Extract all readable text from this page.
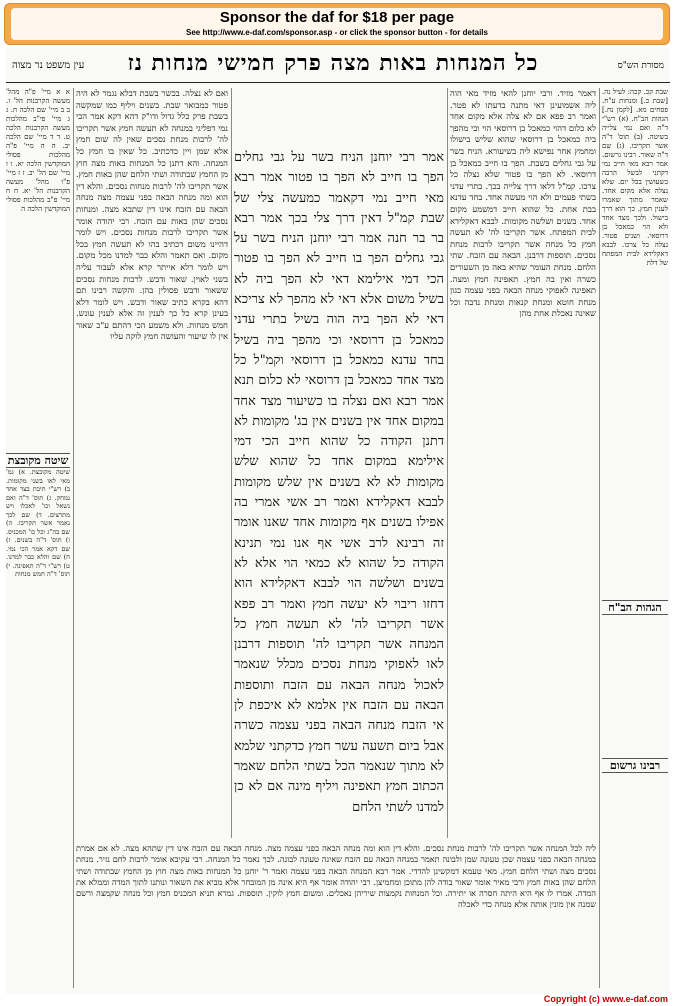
Sponsor the daf for $18 per page
See http://www.e-daf.com/sponsor.asp - or click the sponsor button - for details
עין משפט נר מצוה	כל המנחות באות מצה פרק חמישי מנחות נז	מסורת הש"ס
אמר רבי יוחנן הניח בשר על גבי גחלים הפך בו חייב לא הפך בו פטור אמר רבא מאי חייב נמי דקאמר כמעשה צלי של שבת קמ"ל דאין דרך צלי בכך אמר רבא בר בר חנה אמר רבי יוחנן הניח בשר על גבי גחלים הפך בו חייב לא הפך בו פטור הכי דמי אילימא דאי לא הפך ביה לא בשיל משום אלא דאי לא מהפך לא צריכא דאי לא הפך ביה הוה בשיל בתרי עדני כמאכל בן דרוסאי וכי מהפך ביה בשיל בחד עדנא כמאכל בן דרוסאי וקמ"ל כל מצד אחד כמאכל בן דרוסאי לא כלום תנא אמר רבא ואם נצלה בו כשיעור מצד אחד במקום אחד אין בשנים אין בג' מקומות לא דתנן הקודה כל שהוא חייב הכי דמי אילימא במקום אחד כל שהוא שלש מקומות לא לא בשנים אין שלש מקומות לבבא דאקלידא ואמר רב אשי אמרי בה אפילו בשנים אף מקומות אחד שאנו אומר זה רבינא לרב אשי אף אנו נמי תנינא הקודה כל שהוא לא כמאי הוי אלא לא בשנים ושלשה הוי לבבא דאקלידא הוא דחזו ריבוי לא יעשה חמץ ואמר רב פפא אשר תקריבו לה' לא תעשה חמץ כל המנחה אשר תקריבו לה' תוספות דרבנן לאו לאפוקי מנחת נסכים מכלל שנאמר לאכול מנחה הבאה עם הזבח ותוספות הבאה עם הזבח אין אלמא לא איכפת לן אי הזבח מנחה הבאה בפני עצמה כשרה אבל ביום תשעה עשר חמץ כדקתני שלמא לא מתוך שנאמר הכל בשתי הלחם שאמר הכתוב חמץ תאפינה ויליף מינה אם לא כן למדנו לשתי הלחם
דאמר מזיד. ורבי יוחנן להאי מזיד מאי הוה ליה אשמועינן דאי מתנה בדעתו לא פטר. ואמר רב פפא אם לא צלה אלא מקום אחד לא כלום דהוי כמאכל בן דרוסאי הוי ובי מהפך ביה כמאכל בן דרוסאי שהוא שליש בישולו ומחמץ אחר נפישא ליה בשיעורא. הניח בשר על גבי גחלים בשבת. הפך בו חייב כמאכל בן דרוסאי. לא הפך בו פטור שלא נצלה כל צרכו. קמ"ל דלאו דרך צלייה בכך. בתרי עדני בשתי פעמים ולא הוי מעשה אחד. בחד עדנא בבת אחת. כל שהוא חייב דמשמע מקום אחד. בשנים ושלשה מקומות. לבבא דאקלידא לבית המפתח. אשר תקריבו לה' לא תעשה חמץ כל מנחה אשר תקריבו לרבות מנחת נסכים. תוספות דרבנן. הבאה עם הזבח. שתי הלחם. מנחת העומר שהיא באה מן השעורים כשרה ואין בה חמץ. תאפינה חמץ ומצה. תאפינה לאפוקי מנחה הבאה בפני עצמה כגון מנחת חוטא ומנחת קנאות ומנחת נדבה וכל שאינה נאכלת אחת מהן
ואם לא נצלה. בכשר בשבת דבלא נגמר לא היה פטור כמבואר שבת. בשנים ויליף כמו שמקשה בשבת פרק כלל גדול ודו"ק דהא דקא אמר הכי נמי דפליגי במנחה לא תעשה חמץ אשר תקריבו לה' לרבות מנחת נסכים שאין לה שום חמץ אלא שמן ויין כדכתיב. כל שאין בו חמץ כל המנחה. והא דתנן כל המנחות באות מצה חוץ מן החמץ שבתודה ושתי הלחם שהן באות חמץ. אשר תקריבו לה' לרבות מנחות נסכים. והלא דין הוא ומה מנחה הבאה בפני עצמה מצה מנחה הבאה עם הזבח אינו דין שתבא מצה. ומנחות נסכים שהן באות עם הזבח. רבי יהודה אומר אשר תקריבו לרבות מנחות נסכים. ויש לומר דהיינו משום דכתיב בהו לא תעשה חמץ בכל מקום. ואם תאמר והלא כבר למדנו מכל מקום. ויש לומר דלא אייתר קרא אלא לעבור עליה בשני לאוין. שאור ודבש. לרבות מנחות נסכים ששאור ודבש פסולין בהן. והקשה רבינו תם דהא בקרא כתיב שאור ודבש. ויש לומר דלא בעינן קרא כל כך לענין זה אלא לענין עונש. חמש מנחות. ולא משמע הכי דהתם ע"כ שאור אין לו שיעור והעושה חמץ לוקה עליו
א א מיי' פ"ה מהל' מעשה הקרבנות הל' ז. ב ב מיי' שם הלכה ח. ג ג מיי' פי"ב מהלכות מעשה הקרבנות הלכה ט. ד ד מיי' שם הלכה יב. ה ה מיי' פ"ה מהלכות פסולי המוקדשין הלכה יא. ו ו מיי' שם הל' יב. ז ז מיי' פ"ו מהל' מעשה הקרבנות הל' יא. ח ח מיי' פ"ב מהלכות פסולי המוקדשין הלכה ה
שיטה מקובצת
שיטה מקובצת. א) גמ' מאי לאו בשני מקומות. ב) רש"י תיבת בצד אחד נמחק. ג) תוס' ד"ה ואם נשאל וכו' לאכלו ויש מתרצים. ד) שם לכך נאמר אשר תקריבו. ה) שם בה"ג וכל כו' המכניס. ו) תוס' ד"ה בשנים. ז) שם דקא אמר הכי נמי. ח) שם והלא כבר למדנו. ט) רש"י ד"ה תאפינה. י) תוס' ד"ה חמש מנחות
שבת קכ. קכה: לעיל נה. [שבת כ.] ומנחות ע"ח. פסחים מא. [לקמן נח.] הגהות הב"ח. (א) רש"י ד"ה ואם נמי צלייה בשיטה. (ב) תוס' ד"ה אשר תקריבו. (ג) שם ד"ה שאור. רבינו גרשום. אמר רבא מאי חייב נמי דקתני לבשל הרבה כשעושין בכל יום. שלא נצלה אלא מקום אחד. שאמר מתוך שאמרו לענין חמץ. כך הוא דרך בישול. ולכך מצד אחד ולא הוי כמאכל בן דרוסאי. ושנים פטור. נצלה כל צרכו. לבבא דאקלידא לבית המפתח של דלת
הגהות הב"ח
רבינו גרשום
ליה לכל המנחה אשר תקריבו לה' לרבות מנחת נסכים. והלא דין הוא ומה מנחה הבאה בפני עצמה מצה. מנחה הבאה עם הזבח אינו דין שתהא מצה. לא אם אמרת במנחה הבאה בפני עצמה שכן טעונה שמן ולבונה תאמר במנחה הבאה עם הזבח שאינה טעונה לבונה. לכך נאמר כל המנחה. רבי עקיבא אומר לרבות לחם נזיר. מנחת נסכים מצה ושתי הלחם חמץ. מאי טעמא דמקשינן להדדי. אמר רבא המנחה הבאה בפני עצמה ואמר ר' יוחנן כל המנחות באות מצה חוץ מן החמץ שבתודה ושתי הלחם שהן באות חמץ ורבי מאיר אומר שאור בודה להן מתוכן ומחמיצן. רבי יהודה אומר אף היא אינה מן המובחר אלא מביא את השאור ונותנו לתוך המדה וממלא את המדה. אמרו לו אף היא היתה חסרה או יתירה. וכל המנחות נקמצות שיריהן נאכלים. ומשום חמץ לוקין. תוספות. גמרא תניא המכניס חמץ וכל מנחה שקמצה ורשם שמנה אין מונין אותה אלא מנחה כדי לאכלה
Copyright (c) www.e-daf.com
